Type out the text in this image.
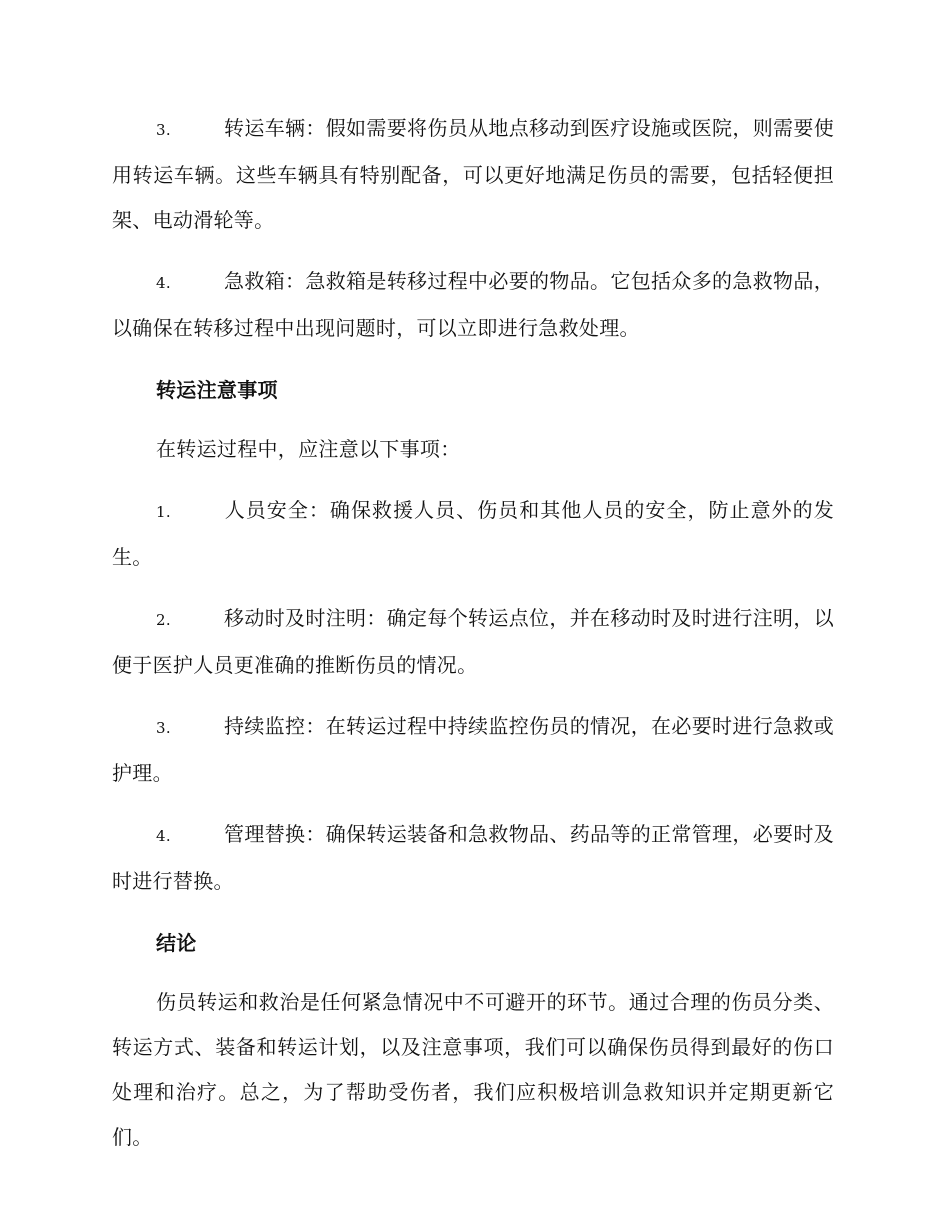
3.	转运车辆：假如需要将伤员从地点移动到医疗设施或医院，则需要使用转运车辆。这些车辆具有特别配备，可以更好地满足伤员的需要，包括轻便担架、电动滑轮等。

4.	急救箱：急救箱是转移过程中必要的物品。它包括众多的急救物品，以确保在转移过程中出现问题时，可以立即进行急救处理。

转运注意事项

在转运过程中，应注意以下事项：

1.	人员安全：确保救援人员、伤员和其他人员的安全，防止意外的发生。

2.	移动时及时注明：确定每个转运点位，并在移动时及时进行注明，以便于医护人员更准确的推断伤员的情况。

3.	持续监控：在转运过程中持续监控伤员的情况，在必要时进行急救或护理。

4.	管理替换：确保转运装备和急救物品、药品等的正常管理，必要时及时进行替换。

结论

伤员转运和救治是任何紧急情况中不可避开的环节。通过合理的伤员分类、转运方式、装备和转运计划，以及注意事项，我们可以确保伤员得到最好的伤口处理和治疗。总之，为了帮助受伤者，我们应积极培训急救知识并定期更新它们。
